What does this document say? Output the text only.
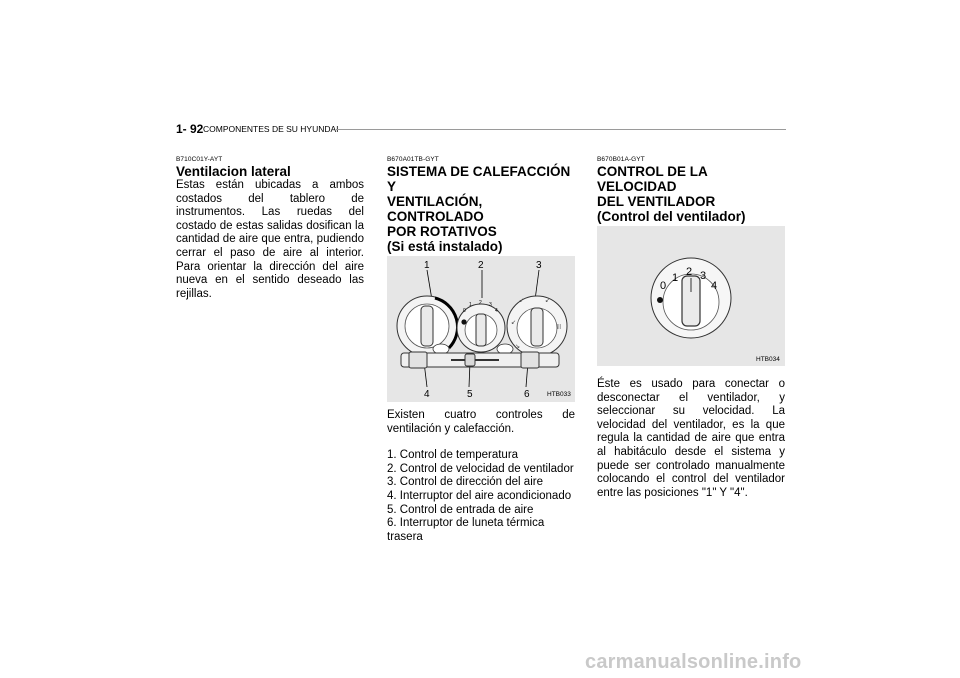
1- 92 COMPONENTES DE SU HYUNDAI
B710C01Y-AYT
Ventilacion lateral
Estas están ubicadas a ambos costados del tablero de instrumentos. Las ruedas del costado de estas salidas dosifican la cantidad de aire que entra, pudiendo cerrar el paso de aire al interior. Para orientar la dirección del aire nueva en el sentido deseado las rejillas.
B670A01TB-GYT
SISTEMA DE CALEFACCIÓN Y
VENTILACIÓN, CONTROLADO
POR ROTATIVOS
(Si está instalado)
↙	↙
↙
↘
|||
1	2	3
4	5	6	HTB033
0
1 2 3
4
Existen cuatro controles de ventilación y calefacción.
1. Control de temperatura
2. Control de velocidad de ventilador
3. Control de dirección del aire
4. Interruptor del aire acondicionado
5. Control de entrada de aire
6. Interruptor de luneta térmica trasera
B670B01A-GYT
CONTROL DE LA VELOCIDAD
DEL VENTILADOR
(Control del ventilador)
0
1 2 3
4
HTB034
Éste es usado para conectar o desconectar el ventilador, y seleccionar su velocidad. La velocidad del ventilador, es la que regula la cantidad de aire que entra al habitáculo desde el sistema y puede ser controlado manualmente colocando el control del ventilador entre las posiciones "1" Y "4".
carmanualsonline.info
